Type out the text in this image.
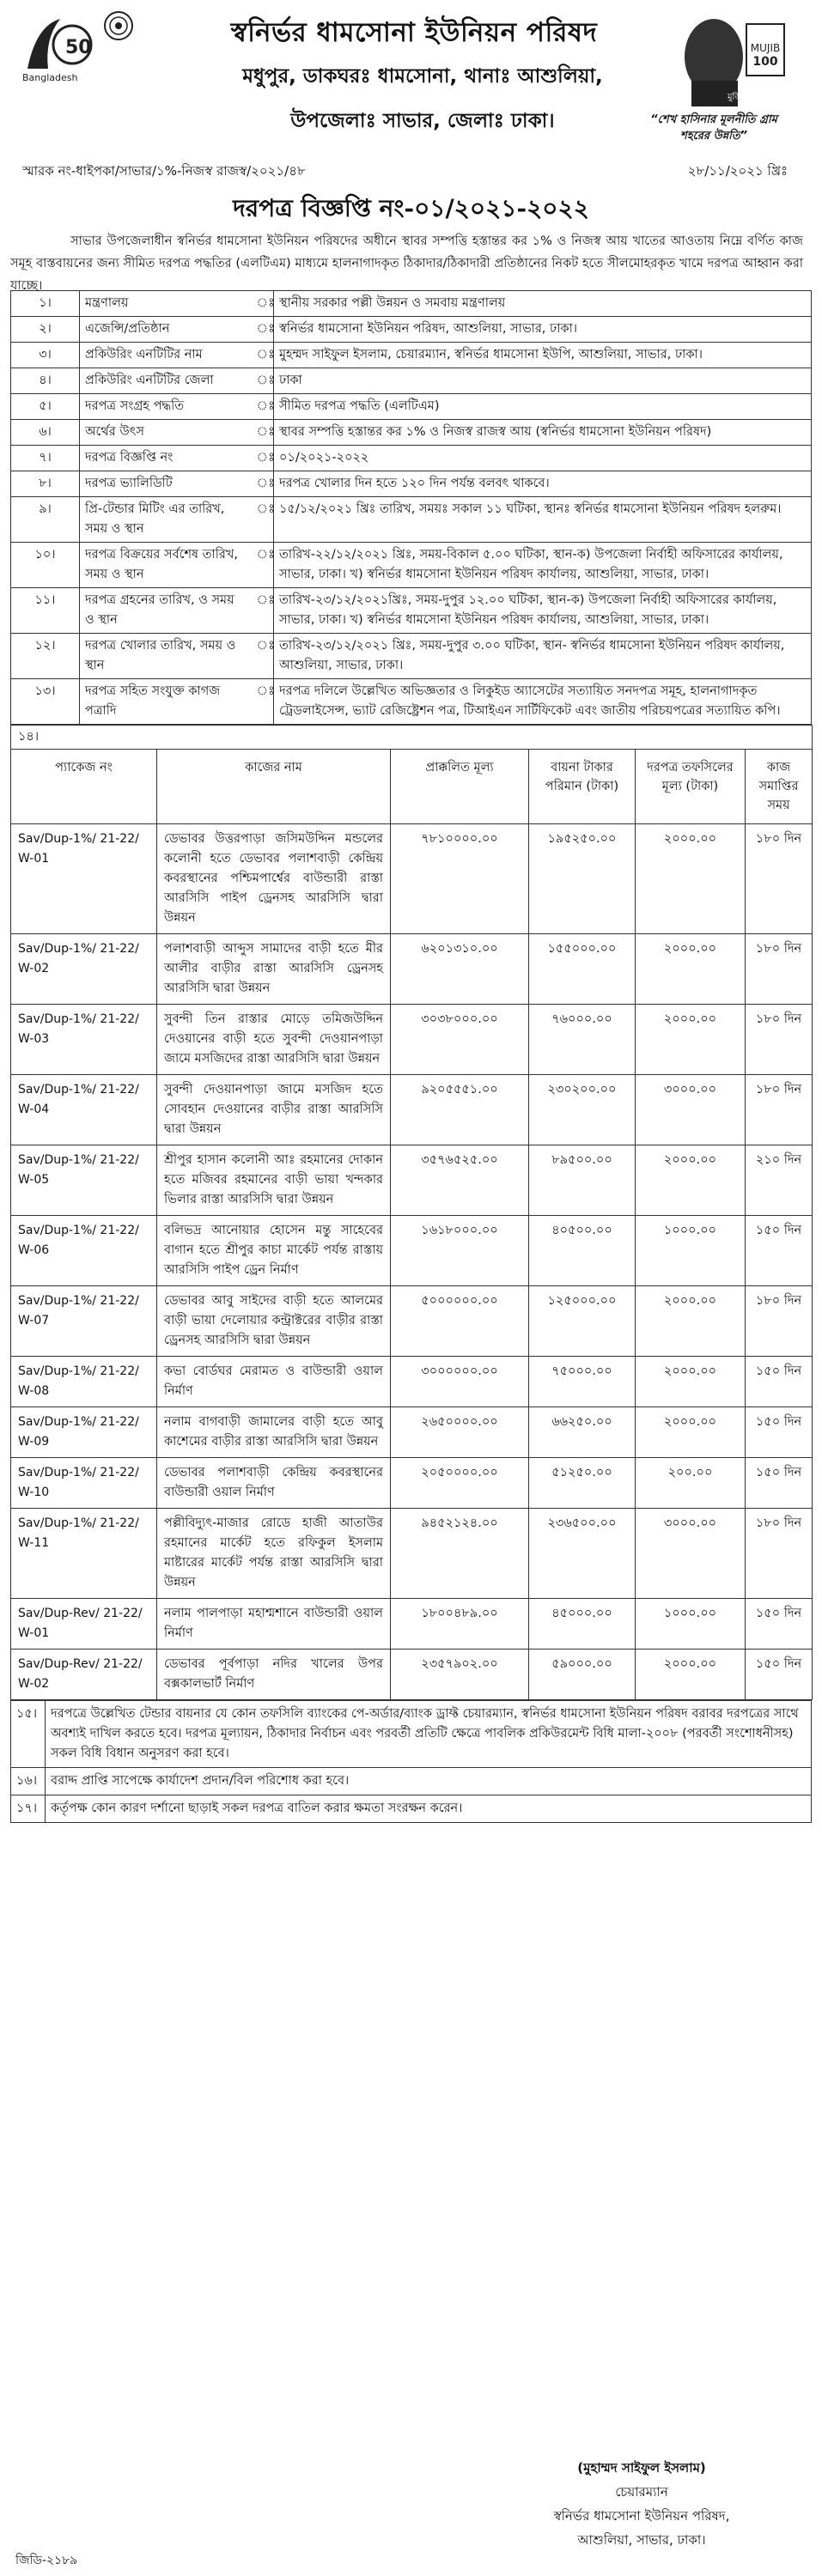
50
Bangladesh
স্বনির্ভর ধামসোনা ইউনিয়ন পরিষদ
মধুপুর, ডাকঘরঃ ধামসোনা, থানাঃ আশুলিয়া,
উপজেলাঃ সাভার, জেলাঃ ঢাকা।
MUJIB
100
মুজিব শতবর্ষ
“শেখ হাসিনার মূলনীতি গ্রাম শহরের উন্নতি”
স্মারক নং-ধাইপকা/সাভার/১%-নিজস্ব রাজস্ব/২০২১/৪৮	২৮/১১/২০২১ খ্রিঃ
দরপত্র বিজ্ঞপ্তি নং-০১/২০২১-২০২২
সাভার উপজেলাধীন স্বনির্ভর ধামসোনা ইউনিয়ন পরিষদের অধীনে স্থাবর সম্পত্তি হস্তান্তর কর ১% ও নিজস্ব আয় খাতের আওতায় নিম্নে বর্ণিত কাজ সমূহ বাস্তবায়নের জন্য সীমিত দরপত্র পদ্ধতির (এলটিএম) মাধ্যমে হালনাগাদকৃত ঠিকাদার/ঠিকাদারী প্রতিষ্ঠানের নিকট হতে সীলমোহরকৃত খামে দরপত্র আহ্বান করা যাচ্ছে।
১।	মন্ত্রণালয়	ঃ	স্থানীয় সরকার পল্লী উন্নয়ন ও সমবায় মন্ত্রণালয়
২।	এজেন্সি/প্রতিষ্ঠান	ঃ	স্বনির্ভর ধামসোনা ইউনিয়ন পরিষদ, আশুলিয়া, সাভার, ঢাকা।
৩।	প্রকিউরিং এনটিটির নাম	ঃ	মুহম্মদ সাইফুল ইসলাম, চেয়ারম্যান, স্বনির্ভর ধামসোনা ইউপি, আশুলিয়া, সাভার, ঢাকা।
৪।	প্রকিউরিং এনটিটির জেলা	ঃ	ঢাকা
৫।	দরপত্র সংগ্রহ পদ্ধতি	ঃ	সীমিত দরপত্র পদ্ধতি (এলটিএম)
৬।	অর্থের উৎস	ঃ	স্থাবর সম্পত্তি হস্তান্তর কর ১% ও নিজস্ব রাজস্ব আয় (স্বনির্ভর ধামসোনা ইউনিয়ন পরিষদ)
৭।	দরপত্র বিজ্ঞপ্তি নং	ঃ	০১/২০২১-২০২২
৮।	দরপত্র ভ্যালিডিটি	ঃ	দরপত্র খোলার দিন হতে ১২০ দিন পর্যন্ত বলবৎ থাকবে।
৯।	প্রি-টেন্ডার মিটিং এর তারিখ, সময় ও স্থান	ঃ	১৫/১২/২০২১ খ্রিঃ তারিখ, সময়ঃ সকাল ১১ ঘটিকা, স্থানঃ স্বনির্ভর ধামসোনা ইউনিয়ন পরিষদ হলরুম।
১০।	দরপত্র বিক্রয়ের সর্বশেষ তারিখ, সময় ও স্থান	ঃ	তারিখ-২২/১২/২০২১ খ্রিঃ, সময়-বিকাল ৫.০০ ঘটিকা, স্থান-ক) উপজেলা নির্বাহী অফিসারের কার্যালয়, সাভার, ঢাকা। খ) স্বনির্ভর ধামসোনা ইউনিয়ন পরিষদ কার্যালয়, আশুলিয়া, সাভার, ঢাকা।
১১।	দরপত্র গ্রহনের তারিখ, ও সময় ও স্থান	ঃ	তারিখ-২৩/১২/২০২১খ্রিঃ, সময়-দুপুর ১২.০০ ঘটিকা, স্থান-ক) উপজেলা নির্বাহী অফিসারের কার্যালয়, সাভার, ঢাকা। খ) স্বনির্ভর ধামসোনা ইউনিয়ন পরিষদ কার্যালয়, আশুলিয়া, সাভার, ঢাকা।
১২।	দরপত্র খোলার তারিখ, সময় ও স্থান	ঃ	তারিখ-২৩/১২/২০২১ খ্রিঃ, সময়-দুপুর ৩.০০ ঘটিকা, স্থান- স্বনির্ভর ধামসোনা ইউনিয়ন পরিষদ কার্যালয়, আশুলিয়া, সাভার, ঢাকা।
১৩।	দরপত্র সহিত সংযুক্ত কাগজ পত্রাদি	ঃ	দরপত্র দলিলে উল্লেখিত অভিজ্ঞতার ও লিকুইড অ্যাসেটের সত্যায়িত সনদপত্র সমূহ, হালনাগাদকৃত ট্রেডলাইসেন্স, ভ্যাট রেজিষ্ট্রেশন পত্র, টিআইএন সার্টিফিকেট এবং জাতীয় পরিচয়পত্রের সত্যায়িত কপি।
১৪।					
প্যাকেজ নং	কাজের নাম	প্রাক্কলিত মূল্য	বায়না টাকার পরিমান (টাকা)	দরপত্র তফসিলের মূল্য (টাকা)	কাজ সমাপ্তির সময়
Sav/Dup-1%/ 21-22/ W-01	ডেভাবর উত্তরপাড়া জসিমউদ্দিন মন্ডলের কলোনী হতে ডেভাবর পলাশবাড়ী কেন্দ্রিয় কবরস্থানের পশ্চিমপার্শ্বের বাউন্ডারী রাস্তা আরসিসি পাইপ ড্রেনসহ আরসিসি দ্বারা উন্নয়ন	৭৮১০০০০.০০	১৯৫২৫০.০০	২০০০.০০	১৮০ দিন
Sav/Dup-1%/ 21-22/ W-02	পলাশবাড়ী আব্দুস সামাদের বাড়ী হতে মীর আলীর বাড়ীর রাস্তা আরসিসি ড্রেনসহ আরসিসি দ্বারা উন্নয়ন	৬২০১৩১০.০০	১৫৫০০০.০০	২০০০.০০	১৮০ দিন
Sav/Dup-1%/ 21-22/ W-03	সুবন্দী তিন রাস্তার মোড়ে তমিজউদ্দিন দেওয়ানের বাড়ী হতে সুবন্দী দেওয়ানপাড়া জামে মসজিদের রাস্তা আরসিসি দ্বারা উন্নয়ন	৩০৩৮০০০.০০	৭৬০০০.০০	২০০০.০০	১৮০ দিন
Sav/Dup-1%/ 21-22/ W-04	সুবন্দী দেওয়ানপাড়া জামে মসজিদ হতে সোবহান দেওয়ানের বাড়ীর রাস্তা আরসিসি দ্বারা উন্নয়ন	৯২০৫৫৫১.০০	২৩০২০০.০০	৩০০০.০০	১৮০ দিন
Sav/Dup-1%/ 21-22/ W-05	শ্রীপুর হাসান কলোনী আঃ রহমানের দোকান হতে মজিবর রহমানের বাড়ী ভায়া খন্দকার ভিলার রাস্তা আরসিসি দ্বারা উন্নয়ন	৩৫৭৬৫২৫.০০	৮৯৫০০.০০	২০০০.০০	২১০ দিন
Sav/Dup-1%/ 21-22/ W-06	বলিভদ্র আনোয়ার হোসেন মন্তু সাহেবের বাগান হতে শ্রীপুর কাচা মার্কেট পর্যন্ত রাস্তায় আরসিসি পাইপ ড্রেন নির্মাণ	১৬১৮০০০.০০	৪০৫০০.০০	১০০০.০০	১৫০ দিন
Sav/Dup-1%/ 21-22/ W-07	ডেভাবর আবু সাইদের বাড়ী হতে আলমের বাড়ী ভায়া দেলোয়ার কন্ট্রাক্টরের বাড়ীর রাস্তা ড্রেনসহ আরসিসি দ্বারা উন্নয়ন	৫০০০০০০.০০	১২৫০০০.০০	২০০০.০০	১৮০ দিন
Sav/Dup-1%/ 21-22/ W-08	কভা বোর্ডঘর মেরামত ও বাউন্ডারী ওয়াল নির্মাণ	৩০০০০০০.০০	৭৫০০০.০০	২০০০.০০	১৫০ দিন
Sav/Dup-1%/ 21-22/ W-09	নলাম বাগবাড়ী জামালের বাড়ী হতে আবু কাশেমের বাড়ীর রাস্তা আরসিসি দ্বারা উন্নয়ন	২৬৫০০০০.০০	৬৬২৫০.০০	২০০০.০০	১৫০ দিন
Sav/Dup-1%/ 21-22/ W-10	ডেভাবর পলাশবাড়ী কেন্দ্রিয় কবরস্থানের বাউন্ডারী ওয়াল নির্মাণ	২০৫০০০০.০০	৫১২৫০.০০	২০০.০০	১৫০ দিন
Sav/Dup-1%/ 21-22/ W-11	পল্লীবিদ্যুৎ-মাজার রোডে হাজী আতাউর রহমানের মার্কেট হতে রফিকুল ইসলাম মাষ্টারের মার্কেট পর্যন্ত রাস্তা আরসিসি দ্বারা উন্নয়ন	৯৪৫২১২৪.০০	২৩৬৫০০.০০	৩০০০.০০	১৮০ দিন
Sav/Dup-Rev/ 21-22/ W-01	নলাম পালপাড়া মহাশ্মশানে বাউন্ডারী ওয়াল নির্মাণ	১৮০০৪৮৯.০০	৪৫০০০.০০	১০০০.০০	১৫০ দিন
Sav/Dup-Rev/ 21-22/ W-02	ডেভাবর পূর্বপাড়া নদির খালের উপর বক্সকালভার্ট নির্মাণ	২৩৫৭৯০২.০০	৫৯০০০.০০	২০০০.০০	১৫০ দিন
১৫।	দরপত্রে উল্লেখিত টেন্ডার বায়নার যে কোন তফসিলি ব্যাংকের পে-অর্ডার/ব্যাংক ড্রাফ্ট চেয়ারম্যান, স্বনির্ভর ধামসোনা ইউনিয়ন পরিষদ বরাবর দরপত্রের সাথে অবশ্যই দাখিল করতে হবে। দরপত্র মূল্যায়ন, ঠিকাদার নির্বাচন এবং পরবর্তী প্রতিটি ক্ষেত্রে পাবলিক প্রকিউরমেন্ট বিধি মালা-২০০৮ (পরবর্তী সংশোধনীসহ) সকল বিধি বিধান অনুসরণ করা হবে।
১৬।	বরাদ্দ প্রাপ্তি সাপেক্ষে কার্যাদেশ প্রদান/বিল পরিশোধ করা হবে।
১৭।	কর্তৃপক্ষ কোন কারণ দর্শানো ছাড়াই সকল দরপত্র বাতিল করার ক্ষমতা সংরক্ষন করেন।
(মুহাম্মদ সাইফুল ইসলাম)
চেয়ারম্যান
স্বনির্ভর ধামসোনা ইউনিয়ন পরিষদ,
আশুলিয়া, সাভার, ঢাকা।
জিডি-২১৮৯
